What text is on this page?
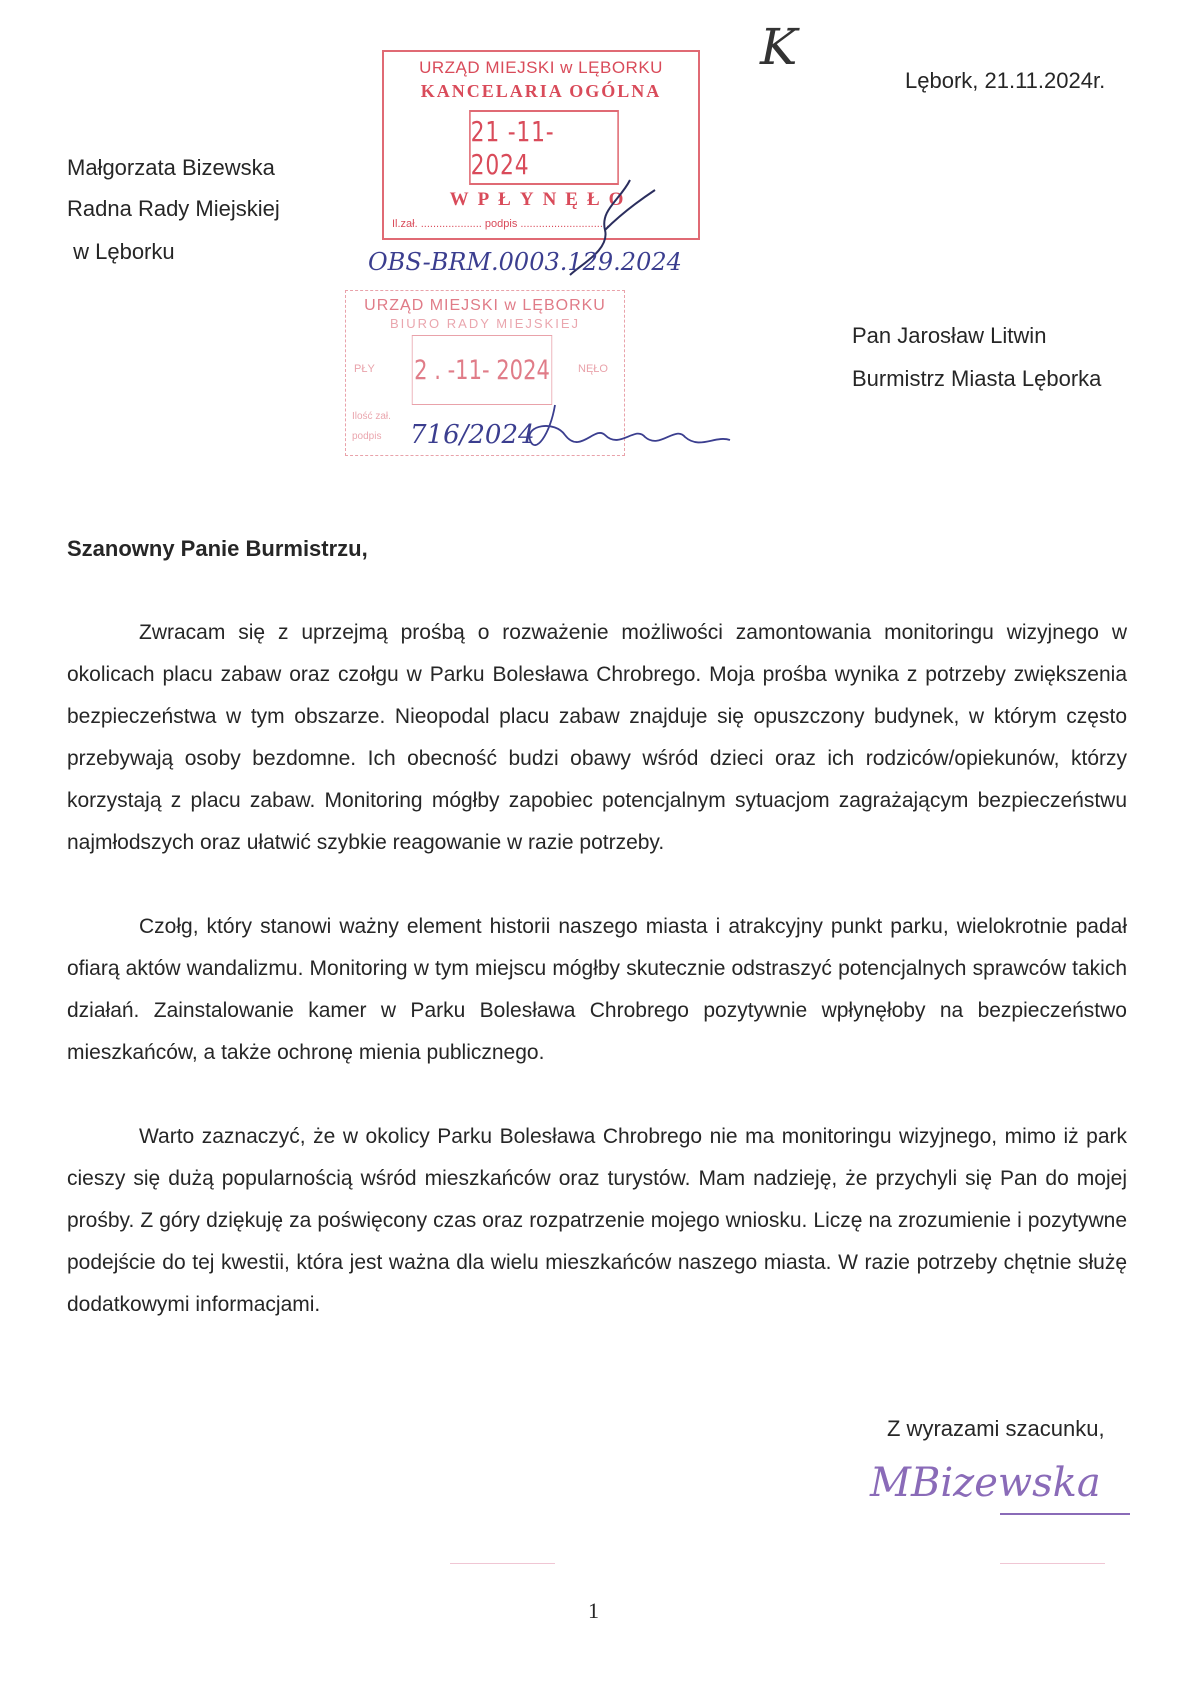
K
Lębork, 21.11.2024r.
Małgorzata Bizewska
Radna Rady Miejskiej
w Lęborku
URZĄD MIEJSKI w LĘBORKU
KANCELARIA OGÓLNA
21 -11- 2024
WPŁYNĘŁO
Il.zał. .................... podpis .............................
OBS-BRM.0003.129.2024
URZĄD MIEJSKI w LĘBORKU
BIURO RADY MIEJSKIEJ
PŁY 2 . -11- 2024	NĘŁO
Ilość zał.
podpis 716/2024
Pan Jarosław Litwin
Burmistrz Miasta Lęborka
Szanowny Panie Burmistrzu,
Zwracam się z uprzejmą prośbą o rozważenie możliwości zamontowania monitoringu wizyjnego w okolicach placu zabaw oraz czołgu w Parku Bolesława Chrobrego. Moja prośba wynika z potrzeby zwiększenia bezpieczeństwa w tym obszarze. Nieopodal placu zabaw znajduje się opuszczony budynek, w którym często przebywają osoby bezdomne. Ich obecność budzi obawy wśród dzieci oraz ich rodziców/opiekunów, którzy korzystają z placu zabaw. Monitoring mógłby zapobiec potencjalnym sytuacjom zagrażającym bezpieczeństwu najmłodszych oraz ułatwić szybkie reagowanie w razie potrzeby.
Czołg, który stanowi ważny element historii naszego miasta i atrakcyjny punkt parku, wielokrotnie padał ofiarą aktów wandalizmu. Monitoring w tym miejscu mógłby skutecznie odstraszyć potencjalnych sprawców takich działań. Zainstalowanie kamer w Parku Bolesława Chrobrego pozytywnie wpłynęłoby na bezpieczeństwo mieszkańców, a także ochronę mienia publicznego.
Warto zaznaczyć, że w okolicy Parku Bolesława Chrobrego nie ma monitoringu wizyjnego, mimo iż park cieszy się dużą popularnością wśród mieszkańców oraz turystów. Mam nadzieję, że przychyli się Pan do mojej prośby. Z góry dziękuję za poświęcony czas oraz rozpatrzenie mojego wniosku. Liczę na zrozumienie i pozytywne podejście do tej kwestii, która jest ważna dla wielu mieszkańców naszego miasta. W razie potrzeby chętnie służę dodatkowymi informacjami.
Z wyrazami szacunku,
MBizewska
1
